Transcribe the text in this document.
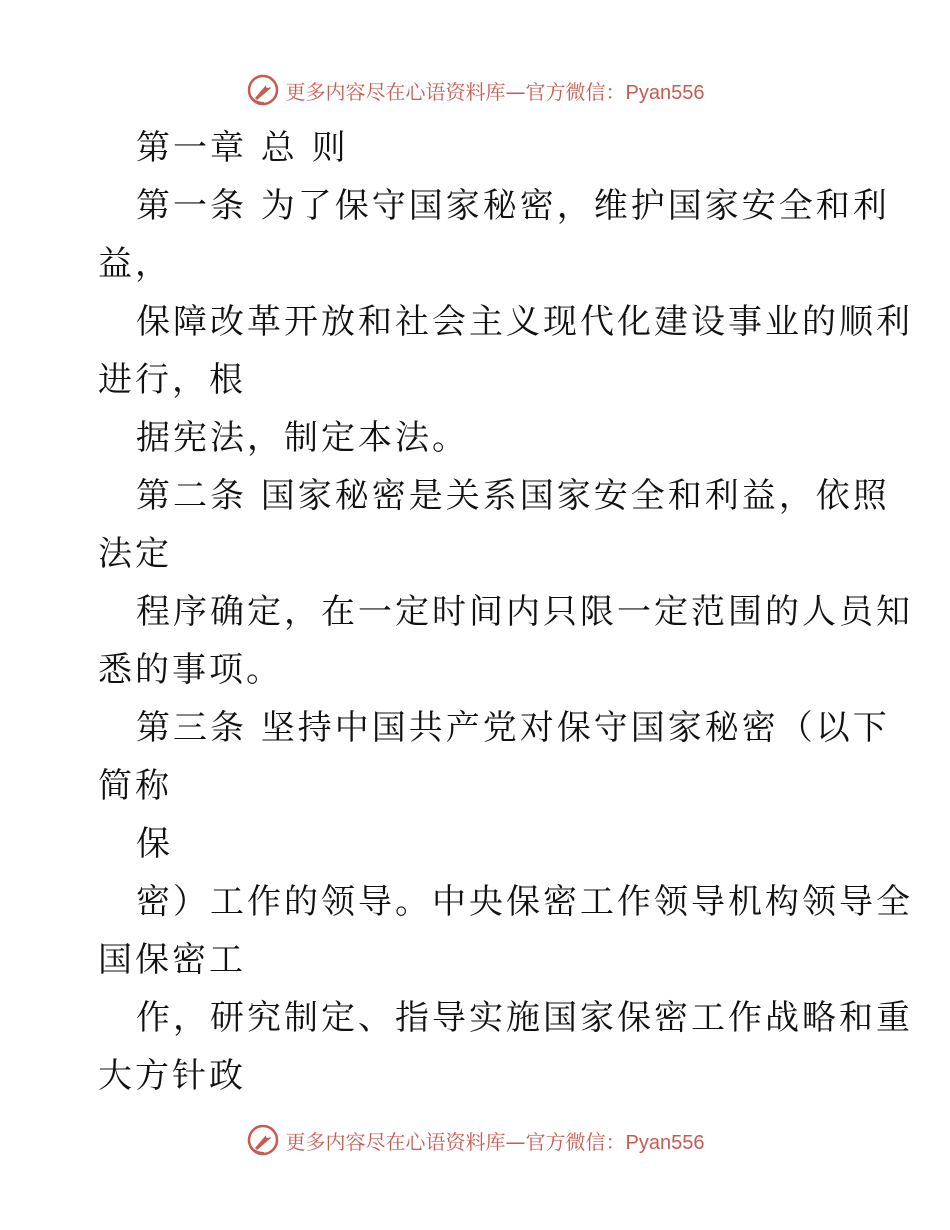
更多内容尽在心语资料库—官方微信：Pyan556
第一章 总 则
第一条 为了保守国家秘密，维护国家安全和利
益，
保障改革开放和社会主义现代化建设事业的顺利
进行，根
据宪法，制定本法。
第二条 国家秘密是关系国家安全和利益，依照
法定
程序确定，在一定时间内只限一定范围的人员知
悉的事项。
第三条 坚持中国共产党对保守国家秘密（以下
简称
保
密）工作的领导。中央保密工作领导机构领导全
国保密工
作，研究制定、指导实施国家保密工作战略和重
大方针政
更多内容尽在心语资料库—官方微信：Pyan556
